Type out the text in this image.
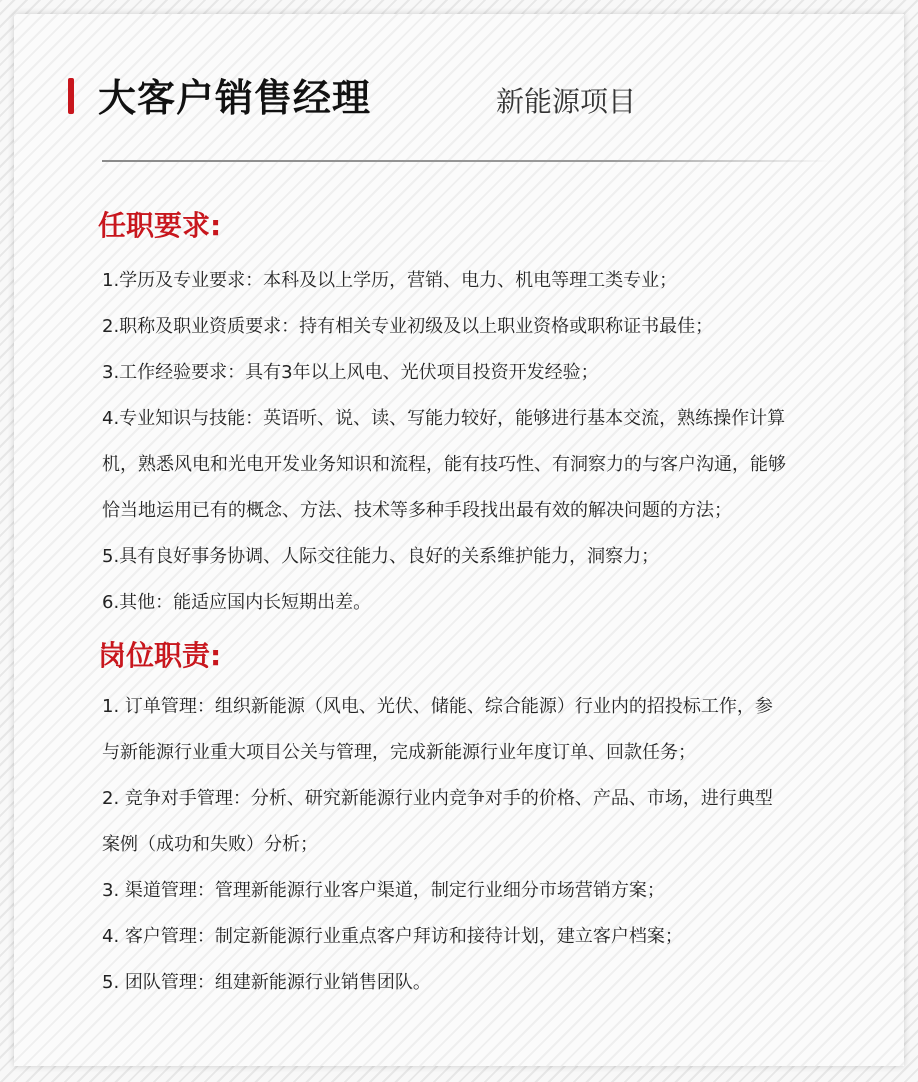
大客户销售经理	新能源项目
任职要求:
1.学历及专业要求：本科及以上学历，营销、电力、机电等理工类专业；
2.职称及职业资质要求：持有相关专业初级及以上职业资格或职称证书最佳；
3.工作经验要求：具有3年以上风电、光伏项目投资开发经验；
4.专业知识与技能：英语听、说、读、写能力较好，能够进行基本交流，熟练操作计算
机，熟悉风电和光电开发业务知识和流程，能有技巧性、有洞察力的与客户沟通，能够
恰当地运用已有的概念、方法、技术等多种手段找出最有效的解决问题的方法；
5.具有良好事务协调、人际交往能力、良好的关系维护能力，洞察力；
6.其他：能适应国内长短期出差。
岗位职责:
1. 订单管理：组织新能源（风电、光伏、储能、综合能源）行业内的招投标工作，参
与新能源行业重大项目公关与管理，完成新能源行业年度订单、回款任务；
2. 竞争对手管理：分析、研究新能源行业内竞争对手的价格、产品、市场，进行典型
案例（成功和失败）分析；
3. 渠道管理：管理新能源行业客户渠道，制定行业细分市场营销方案；
4. 客户管理：制定新能源行业重点客户拜访和接待计划，建立客户档案；
5. 团队管理：组建新能源行业销售团队。
